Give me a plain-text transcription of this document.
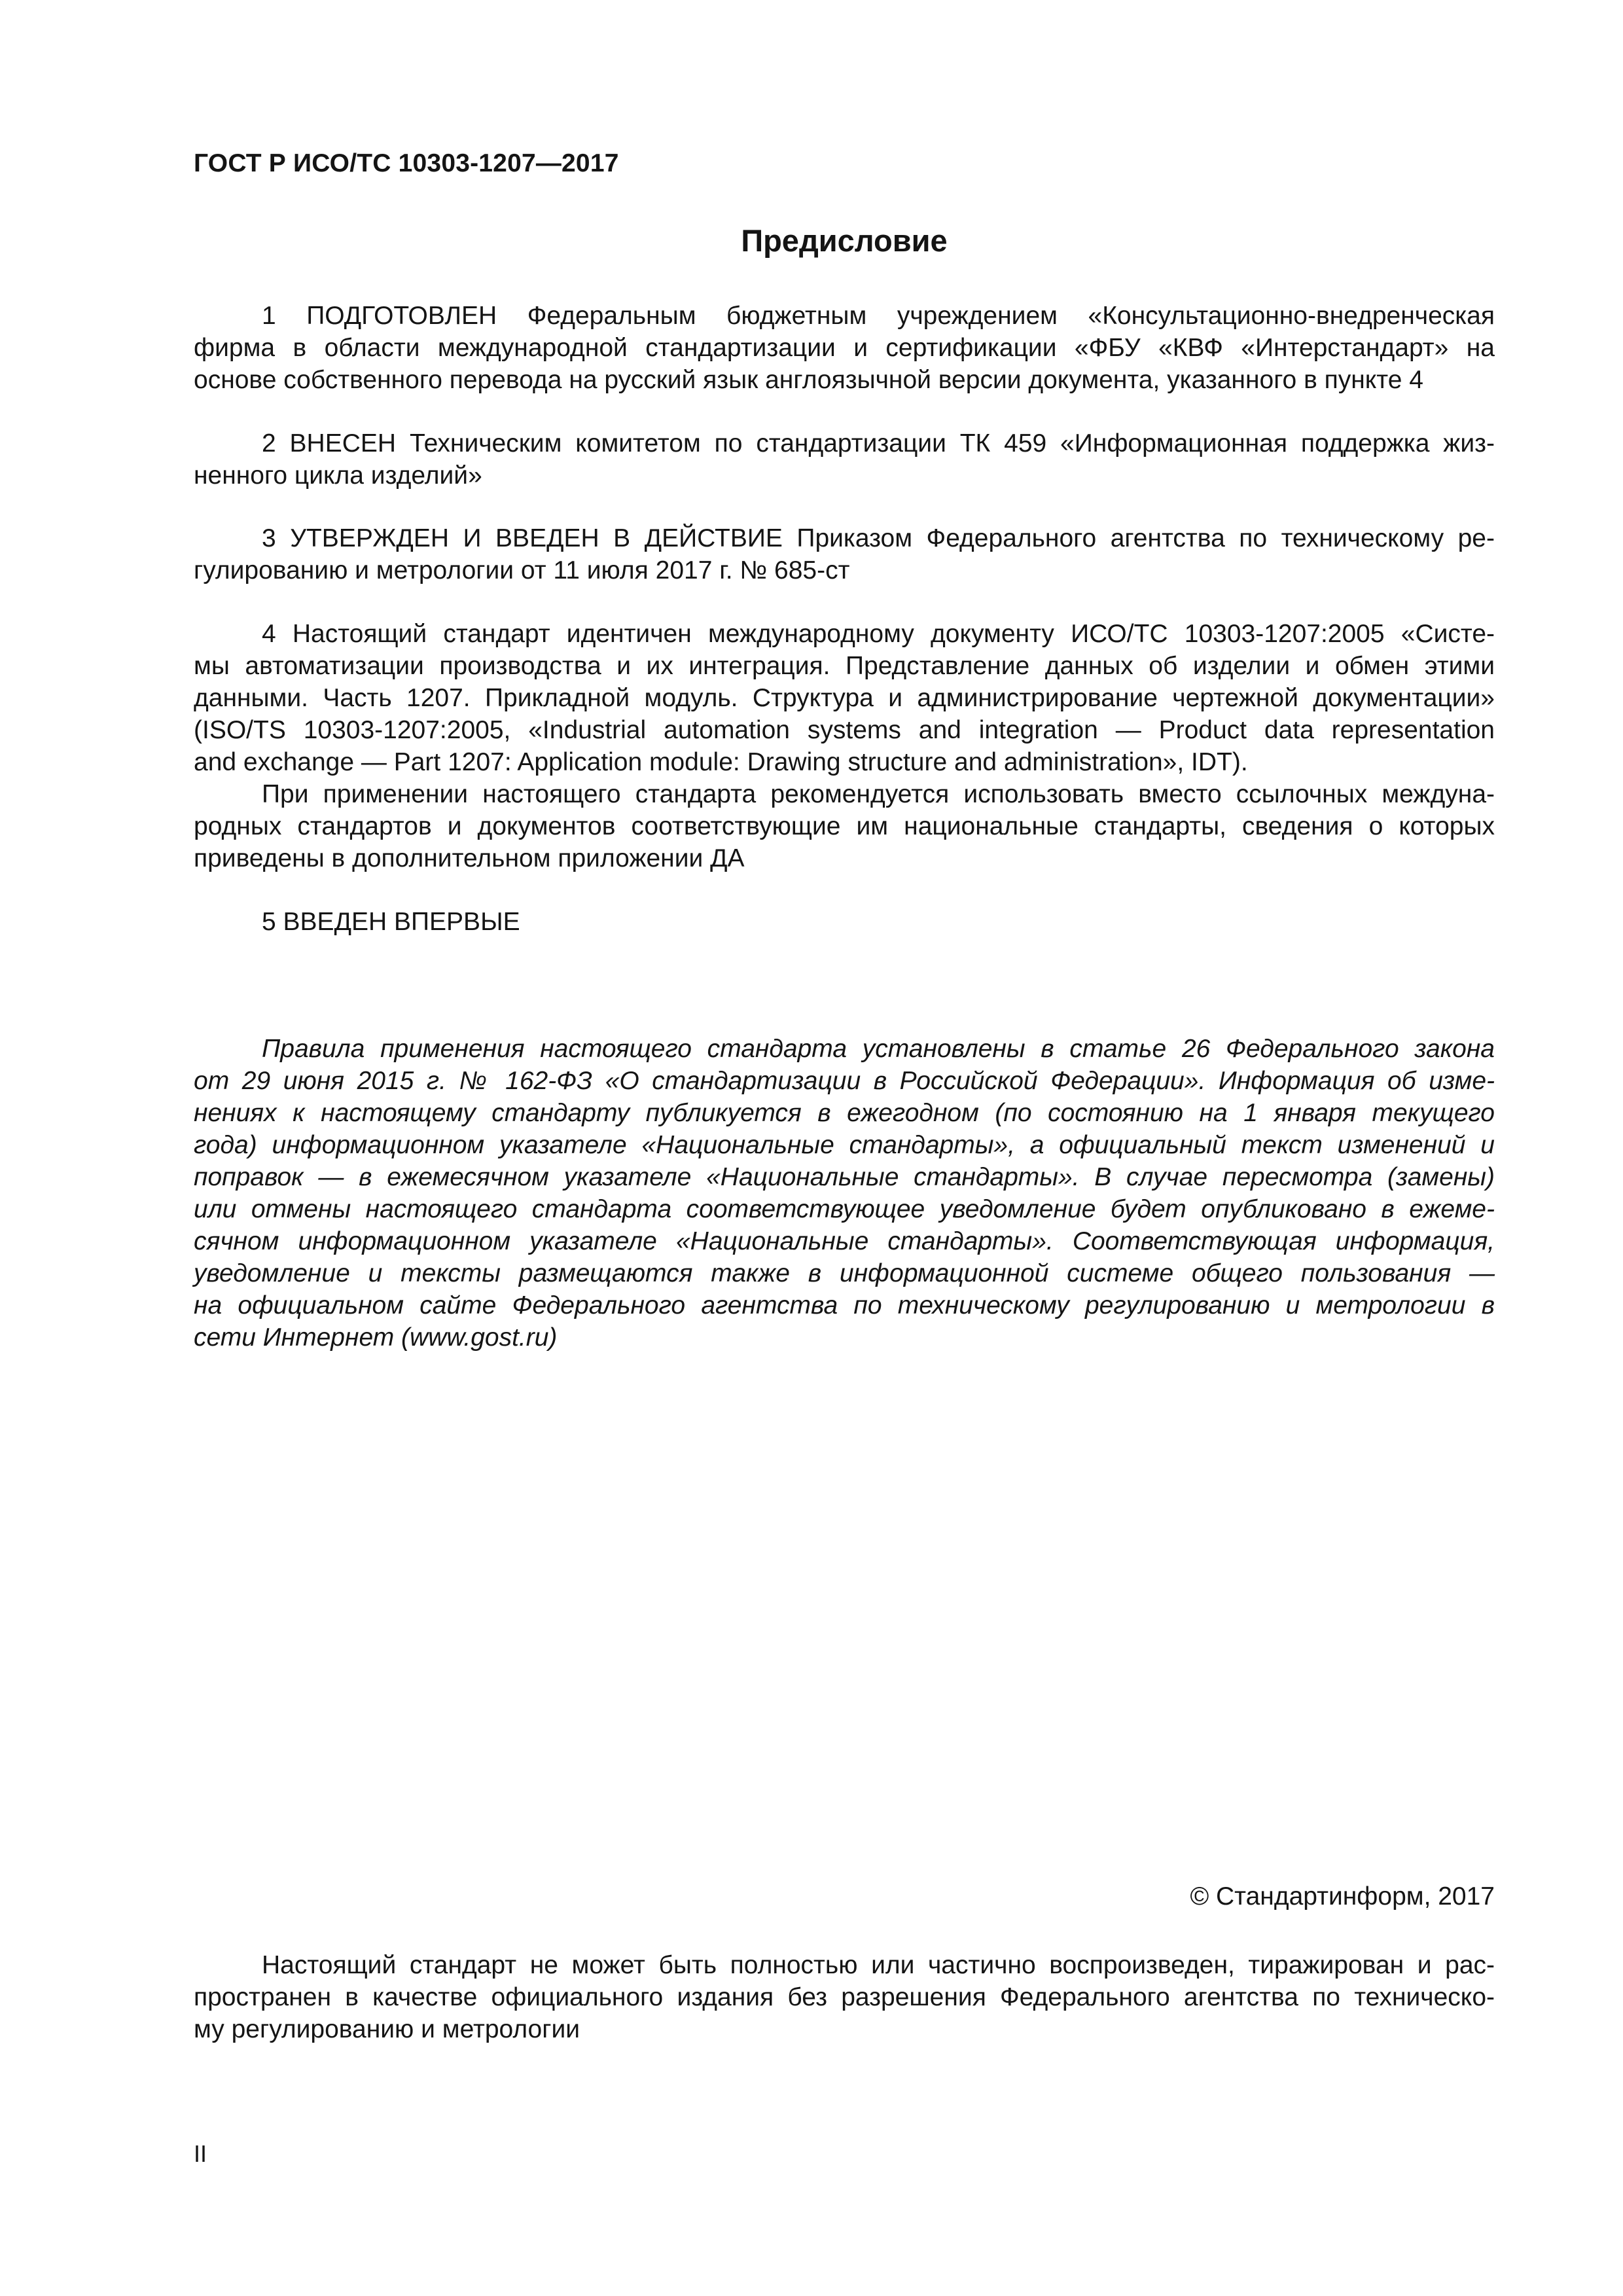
ГОСТ Р ИСО/ТС 10303-1207—2017
Предисловие
1 ПОДГОТОВЛЕН Федеральным бюджетным учреждением «Консультационно-внедренческая
фирма в области международной стандартизации и сертификации «ФБУ «КВФ «Интерстандарт» на
основе собственного перевода на русский язык англоязычной версии документа, указанного в пункте 4
2 ВНЕСЕН Техническим комитетом по стандартизации ТК 459 «Информационная поддержка жиз-
ненного цикла изделий»
3 УТВЕРЖДЕН И ВВЕДЕН В ДЕЙСТВИЕ Приказом Федерального агентства по техническому ре-
гулированию и метрологии от 11 июля 2017 г. № 685-ст
4 Настоящий стандарт идентичен международному документу ИСО/ТС 10303-1207:2005 «Систе-
мы автоматизации производства и их интеграция. Представление данных об изделии и обмен этими
данными. Часть 1207. Прикладной модуль. Структура и администрирование чертежной документации»
(ISO/TS 10303-1207:2005, «Industrial automation systems and integration — Product data representation
and exchange — Part 1207: Application module: Drawing structure and administration», IDT).
При применении настоящего стандарта рекомендуется использовать вместо ссылочных междуна-
родных стандартов и документов соответствующие им национальные стандарты, сведения о которых
приведены в дополнительном приложении ДА
5 ВВЕДЕН ВПЕРВЫЕ
Правила применения настоящего стандарта установлены в статье 26 Федерального закона
от 29 июня 2015 г. № 162-ФЗ «О стандартизации в Российской Федерации». Информация об изме-
нениях к настоящему стандарту публикуется в ежегодном (по состоянию на 1 января текущего
года) информационном указателе «Национальные стандарты», а официальный текст изменений и
поправок — в ежемесячном указателе «Национальные стандарты». В случае пересмотра (замены)
или отмены настоящего стандарта соответствующее уведомление будет опубликовано в ежеме-
сячном информационном указателе «Национальные стандарты». Соответствующая информация,
уведомление и тексты размещаются также в информационной системе общего пользования —
на официальном сайте Федерального агентства по техническому регулированию и метрологии в
сети Интернет (www.gost.ru)
© Стандартинформ, 2017
Настоящий стандарт не может быть полностью или частично воспроизведен, тиражирован и рас-
пространен в качестве официального издания без разрешения Федерального агентства по техническо-
му регулированию и метрологии
II
